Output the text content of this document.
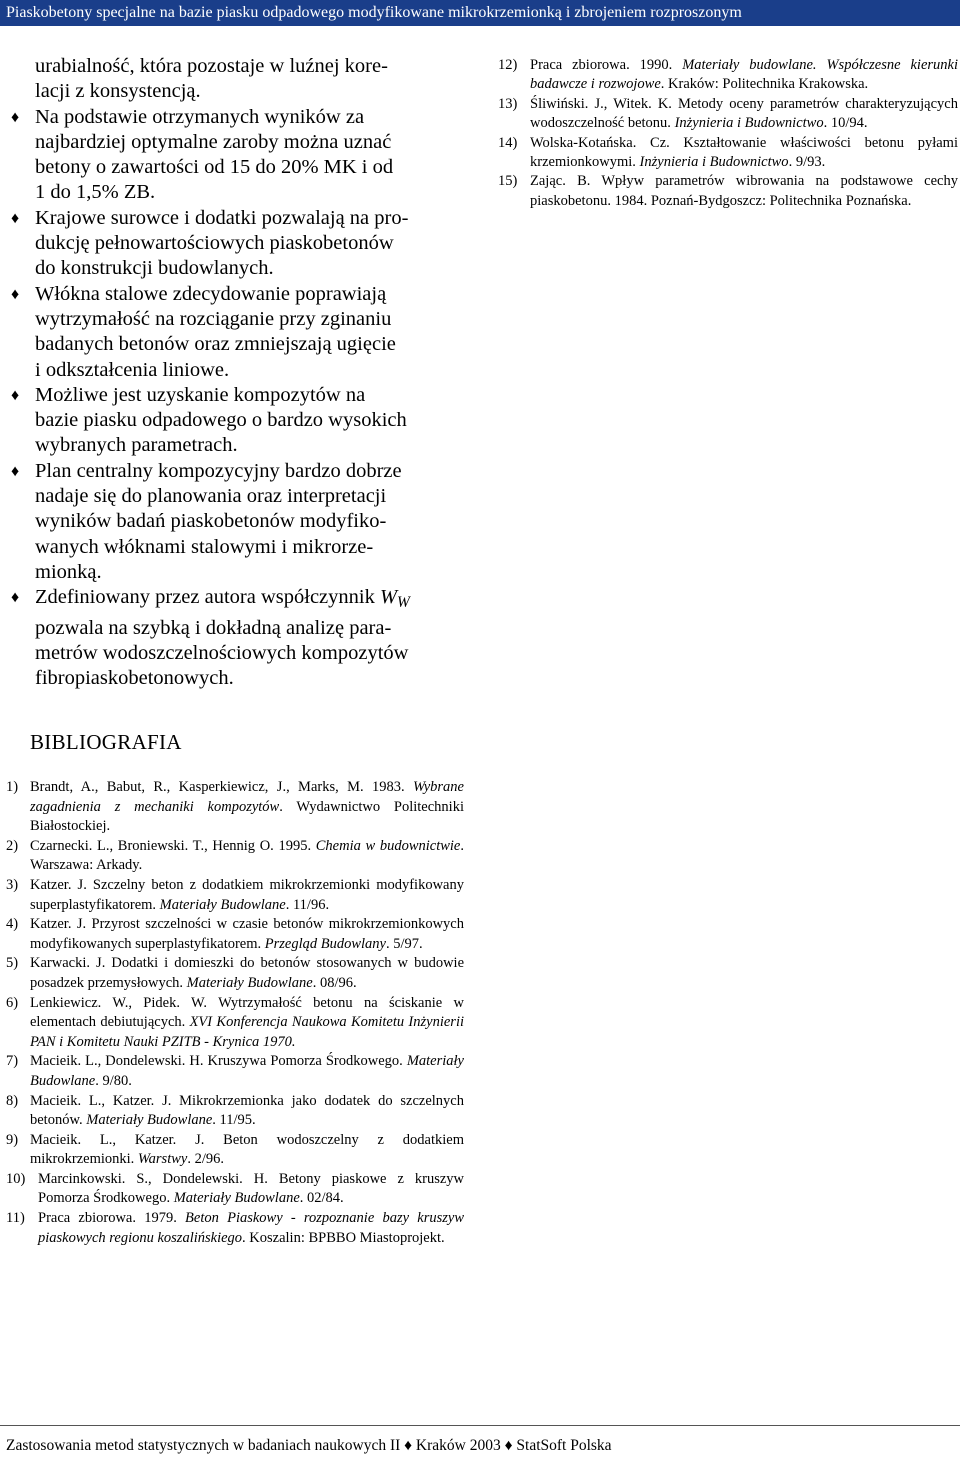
Piaskobetony specjalne na bazie piasku odpadowego modyfikowane mikrokrzemionką i zbrojeniem rozproszonym

urabialność, która pozostaje w luźnej kore-

lacji z konsystencją.

♦ Na podstawie otrzymanych wyników za

najbardziej optymalne zaroby można uznać

betony o zawartości od 15 do 20% MK i od

1 do 1,5% ZB.

♦ Krajowe surowce i dodatki pozwalają na pro-

dukcję pełnowartościowych piaskobetonów

do konstrukcji budowlanych.

♦ Włókna stalowe zdecydowanie poprawiają

wytrzymałość na rozciąganie przy zginaniu

badanych betonów oraz zmniejszają ugięcie

i odkształcenia liniowe.

♦ Możliwe jest uzyskanie kompozytów na

bazie piasku odpadowego o bardzo wysokich

wybranych parametrach.

♦ Plan centralny kompozycyjny bardzo dobrze

nadaje się do planowania oraz interpretacji

wyników badań piaskobetonów modyfiko-

wanych włóknami stalowymi i mikrorze-

mionką.

♦ Zdefiniowany przez autora współczynnik $W_W$

pozwala na szybką i dokładną analizę para-

metrów wodoszczelnościowych kompozytów

fibropiaskobetonowych.

BIBLIOGRAFIA

1) Brandt, A., Babut, R., Kasperkiewicz, J., Marks, M. 1983. Wybrane zagadnienia z mechaniki kompozytów. Wydawnictwo Politechniki Białostockiej.

2) Czarnecki. L., Broniewski. T., Hennig O. 1995. Chemia w budownictwie. Warszawa: Arkady.

3) Katzer. J. Szczelny beton z dodatkiem mikrokrzemionki modyfikowany superplastyfikatorem. Materiały Budowlane. 11/96.

4) Katzer. J. Przyrost szczelności w czasie betonów mikrokrzemionkowych modyfikowanych superplastyfikatorem. Przegląd Budowlany. 5/97.

5) Karwacki. J. Dodatki i domieszki do betonów stosowanych w budowie posadzek przemysłowych. Materiały Budowlane. 08/96.

6) Lenkiewicz. W., Pidek. W. Wytrzymałość betonu na ściskanie w elementach debiutujących. XVI Konferencja Naukowa Komitetu Inżynierii PAN i Komitetu Nauki PZITB - Krynica 1970.

7) Macieik. L., Dondelewski. H. Kruszywa Pomorza Środkowego. Materiały Budowlane. 9/80.

8) Macieik. L., Katzer. J. Mikrokrzemionka jako dodatek do szczelnych betonów. Materiały Budowlane. 11/95.

9) Macieik. L., Katzer. J. Beton wodoszczelny z dodatkiem mikrokrzemionki. Warstwy. 2/96.

10) Marcinkowski. S., Dondelewski. H. Betony piaskowe z kruszyw Pomorza Środkowego. Materiały Budowlane. 02/84.

11) Praca zbiorowa. 1979. Beton Piaskowy - rozpoznanie bazy kruszyw piaskowych regionu koszalińskiego. Koszalin: BPBBO Miastoprojekt.

12) Praca zbiorowa. 1990. Materiały budowlane. Współczesne kierunki badawcze i rozwojowe. Kraków: Politechnika Krakowska.

13) Śliwiński. J., Witek. K. Metody oceny parametrów charakteryzujących wodoszczelność betonu. Inżynieria i Budownictwo. 10/94.

14) Wolska-Kotańska. Cz. Kształtowanie właściwości betonu pyłami krzemionkowymi. Inżynieria i Budownictwo. 9/93.

15) Zając. B. Wpływ parametrów wibrowania na podstawowe cechy piaskobetonu. 1984. Poznań-Bydgoszcz: Politechnika Poznańska.

Zastosowania metod statystycznych w badaniach naukowych II ♦ Kraków 2003 ♦ StatSoft Polska
